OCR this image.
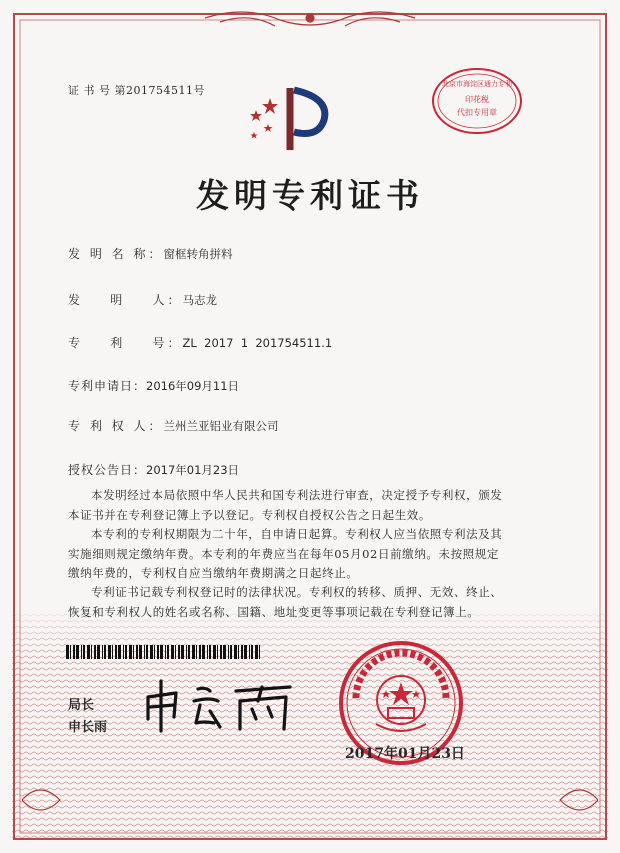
证 书 号 第201754511号	北京市海淀区通力专利
印花税
代扣专用章
发明专利证书
发 明 名 称：窗框转角拼料
发    明    人：马志龙
专    利    号：ZL  2017  1  201754511.1
专利申请日：2016年09月11日
专 利 权 人：兰州兰亚铝业有限公司
授权公告日：2017年01月23日
本发明经过本局依照中华人民共和国专利法进行审查，决定授予专利权，颁发本证书并在专利登记簿上予以登记。专利权自授权公告之日起生效。
本专利的专利权期限为二十年，自申请日起算。专利权人应当依照专利法及其实施细则规定缴纳年费。本专利的年费应当在每年05月02日前缴纳。未按照规定缴纳年费的，专利权自应当缴纳年费期满之日起终止。
专利证书记载专利权登记时的法律状况。专利权的转移、质押、无效、终止、恢复和专利权人的姓名或名称、国籍、地址变更等事项记载在专利登记簿上。
局长
申长雨
2017年01月23日
